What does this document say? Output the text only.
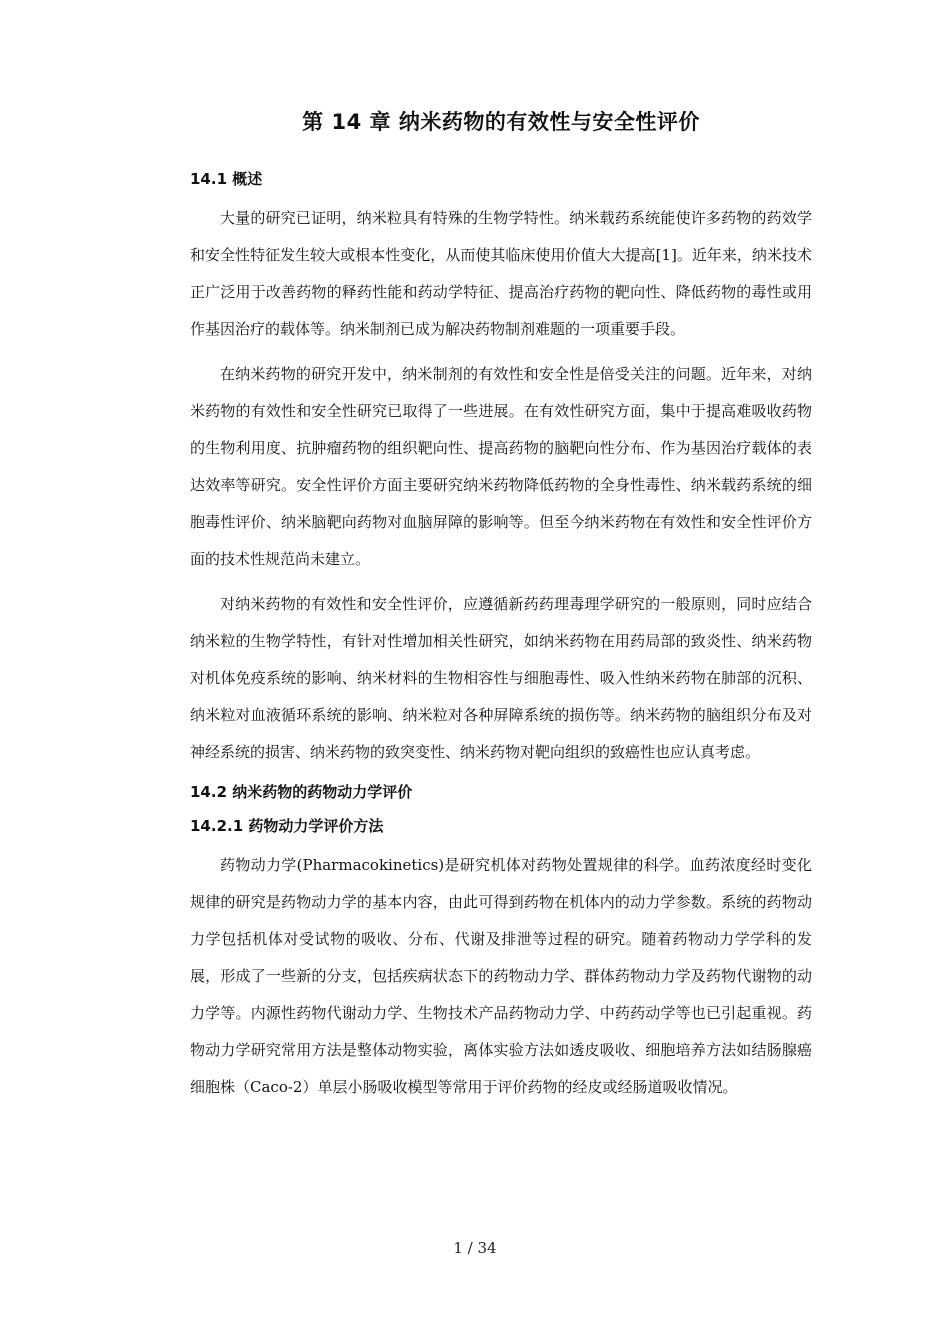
第 14 章 纳米药物的有效性与安全性评价
14.1 概述

大量的研究已证明，纳米粒具有特殊的生物学特性。纳米载药系统能使许多药物的药效学和安全性特征发生较大或根本性变化，从而使其临床使用价值大大提高[1]。近年来，纳米技术正广泛用于改善药物的释药性能和药动学特征、提高治疗药物的靶向性、降低药物的毒性或用作基因治疗的载体等。纳米制剂已成为解决药物制剂难题的一项重要手段。

在纳米药物的研究开发中，纳米制剂的有效性和安全性是倍受关注的问题。近年来，对纳米药物的有效性和安全性研究已取得了一些进展。在有效性研究方面，集中于提高难吸收药物的生物利用度、抗肿瘤药物的组织靶向性、提高药物的脑靶向性分布、作为基因治疗载体的表达效率等研究。安全性评价方面主要研究纳米药物降低药物的全身性毒性、纳米载药系统的细胞毒性评价、纳米脑靶向药物对血脑屏障的影响等。但至今纳米药物在有效性和安全性评价方面的技术性规范尚未建立。

对纳米药物的有效性和安全性评价，应遵循新药药理毒理学研究的一般原则，同时应结合纳米粒的生物学特性，有针对性增加相关性研究，如纳米药物在用药局部的致炎性、纳米药物对机体免疫系统的影响、纳米材料的生物相容性与细胞毒性、吸入性纳米药物在肺部的沉积、纳米粒对血液循环系统的影响、纳米粒对各种屏障系统的损伤等。纳米药物的脑组织分布及对神经系统的损害、纳米药物的致突变性、纳米药物对靶向组织的致癌性也应认真考虑。

14.2 纳米药物的药物动力学评价
14.2.1 药物动力学评价方法

药物动力学(Pharmacokinetics)是研究机体对药物处置规律的科学。血药浓度经时变化规律的研究是药物动力学的基本内容，由此可得到药物在机体内的动力学参数。系统的药物动力学包括机体对受试物的吸收、分布、代谢及排泄等过程的研究。随着药物动力学学科的发展，形成了一些新的分支，包括疾病状态下的药物动力学、群体药物动力学及药物代谢物的动力学等。内源性药物代谢动力学、生物技术产品药物动力学、中药药动学等也已引起重视。药物动力学研究常用方法是整体动物实验，离体实验方法如透皮吸收、细胞培养方法如结肠腺癌细胞株（Caco-2）单层小肠吸收模型等常用于评价药物的经皮或经肠道吸收情况。

1 / 34
